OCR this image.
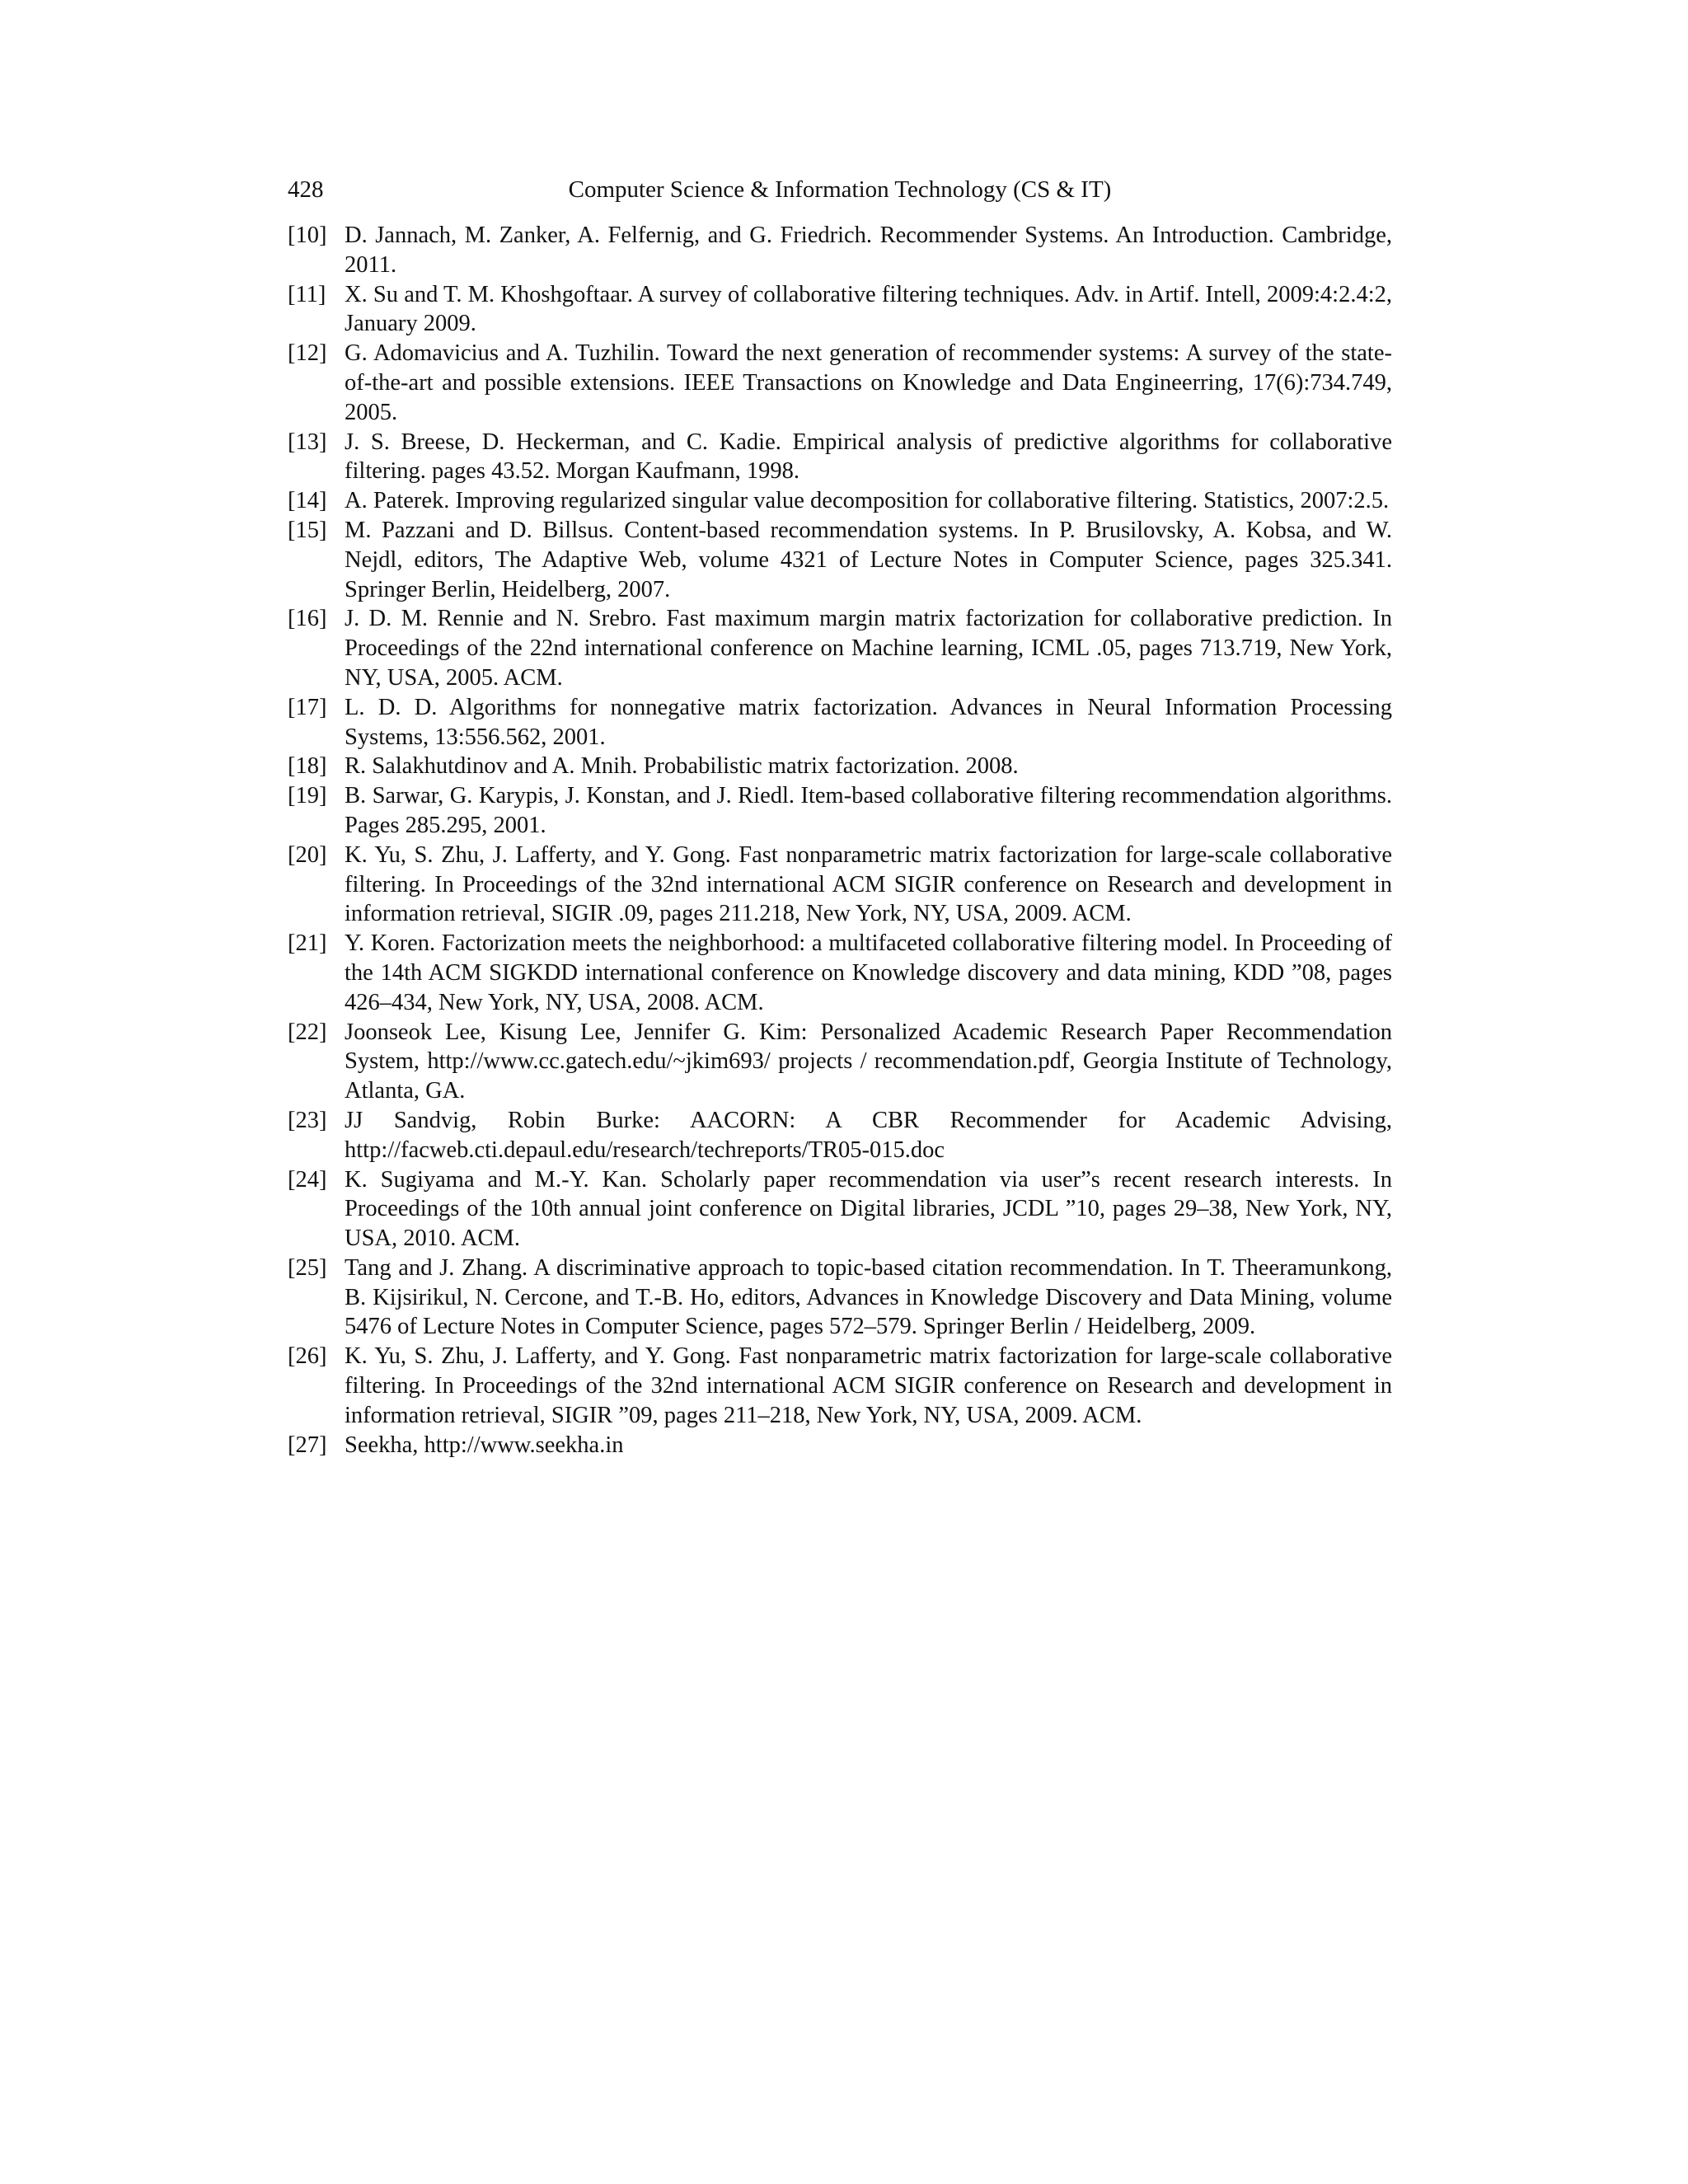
428	Computer Science & Information Technology (CS & IT)
[10] D. Jannach, M. Zanker, A. Felfernig, and G. Friedrich. Recommender Systems. An Introduction. Cambridge, 2011.
[11] X. Su and T. M. Khoshgoftaar. A survey of collaborative filtering techniques. Adv. in Artif. Intell, 2009:4:2.4:2, January 2009.
[12] G. Adomavicius and A. Tuzhilin. Toward the next generation of recommender systems: A survey of the state-of-the-art and possible extensions. IEEE Transactions on Knowledge and Data Engineerring, 17(6):734.749, 2005.
[13] J. S. Breese, D. Heckerman, and C. Kadie. Empirical analysis of predictive algorithms for collaborative filtering. pages 43.52. Morgan Kaufmann, 1998.
[14] A. Paterek. Improving regularized singular value decomposition for collaborative filtering. Statistics, 2007:2.5.
[15] M. Pazzani and D. Billsus. Content-based recommendation systems. In P. Brusilovsky, A. Kobsa, and W. Nejdl, editors, The Adaptive Web, volume 4321 of Lecture Notes in Computer Science, pages 325.341. Springer Berlin, Heidelberg, 2007.
[16] J. D. M. Rennie and N. Srebro. Fast maximum margin matrix factorization for collaborative prediction. In Proceedings of the 22nd international conference on Machine learning, ICML .05, pages 713.719, New York, NY, USA, 2005. ACM.
[17] L. D. D. Algorithms for nonnegative matrix factorization. Advances in Neural Information Processing Systems, 13:556.562, 2001.
[18] R. Salakhutdinov and A. Mnih. Probabilistic matrix factorization. 2008.
[19] B. Sarwar, G. Karypis, J. Konstan, and J. Riedl. Item-based collaborative filtering recommendation algorithms. Pages 285.295, 2001.
[20] K. Yu, S. Zhu, J. Lafferty, and Y. Gong. Fast nonparametric matrix factorization for large-scale collaborative filtering. In Proceedings of the 32nd international ACM SIGIR conference on Research and development in information retrieval, SIGIR .09, pages 211.218, New York, NY, USA, 2009. ACM.
[21] Y. Koren. Factorization meets the neighborhood: a multifaceted collaborative filtering model. In Proceeding of the 14th ACM SIGKDD international conference on Knowledge discovery and data mining, KDD ”08, pages 426–434, New York, NY, USA, 2008. ACM.
[22] Joonseok Lee, Kisung Lee, Jennifer G. Kim: Personalized Academic Research Paper Recommendation System, http://www.cc.gatech.edu/~jkim693/ projects / recommendation.pdf, Georgia Institute of Technology, Atlanta, GA.
[23] JJ Sandvig, Robin Burke: AACORN: A CBR Recommender for Academic Advising, http://facweb.cti.depaul.edu/research/techreports/TR05-015.doc
[24] K. Sugiyama and M.-Y. Kan. Scholarly paper recommendation via user”s recent research interests. In Proceedings of the 10th annual joint conference on Digital libraries, JCDL ”10, pages 29–38, New York, NY, USA, 2010. ACM.
[25] Tang and J. Zhang. A discriminative approach to topic-based citation recommendation. In T. Theeramunkong, B. Kijsirikul, N. Cercone, and T.-B. Ho, editors, Advances in Knowledge Discovery and Data Mining, volume 5476 of Lecture Notes in Computer Science, pages 572–579. Springer Berlin / Heidelberg, 2009.
[26] K. Yu, S. Zhu, J. Lafferty, and Y. Gong. Fast nonparametric matrix factorization for large-scale collaborative filtering. In Proceedings of the 32nd international ACM SIGIR conference on Research and development in information retrieval, SIGIR ”09, pages 211–218, New York, NY, USA, 2009. ACM.
[27] Seekha, http://www.seekha.in
